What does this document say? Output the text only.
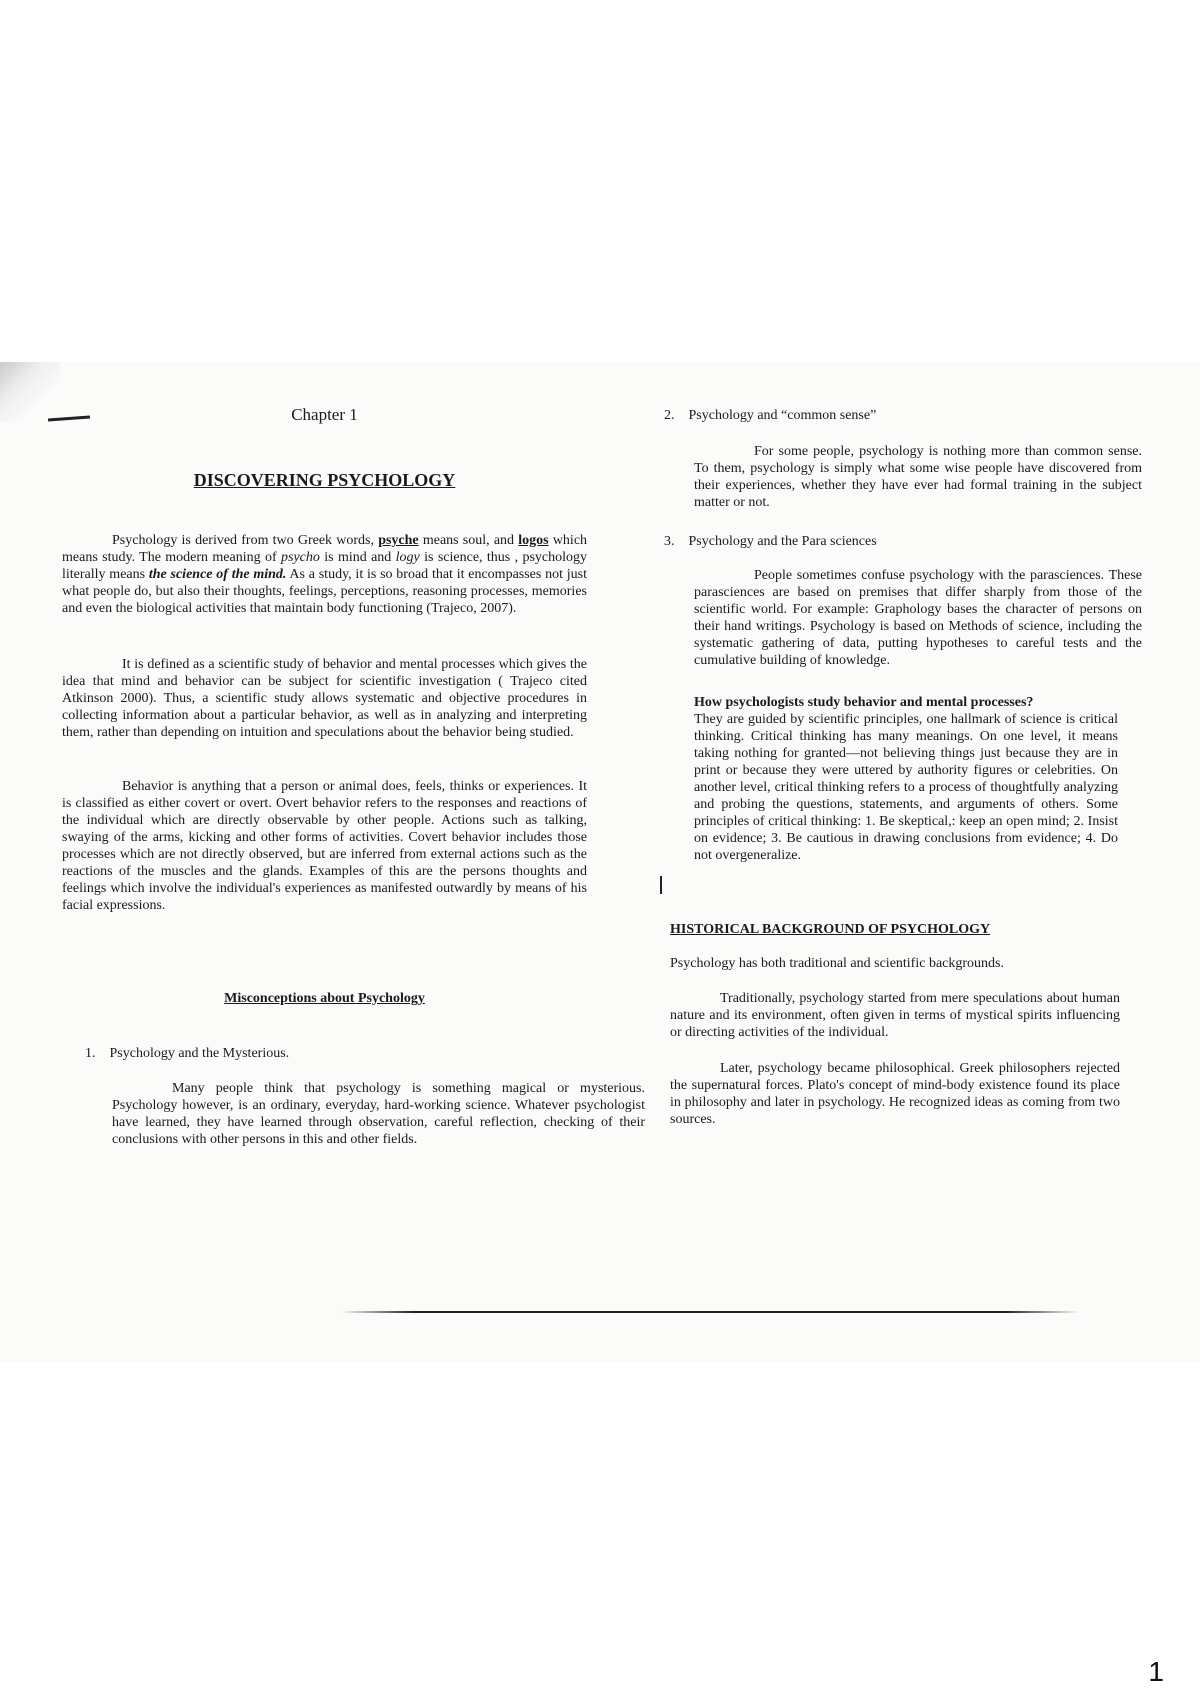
Chapter 1
DISCOVERING PSYCHOLOGY

Psychology is derived from two Greek words, psyche means soul, and logos which means study. The modern meaning of psycho is mind and logy is science, thus , psychology literally means the science of the mind. As a study, it is so broad that it encompasses not just what people do, but also their thoughts, feelings, perceptions, reasoning processes, memories and even the biological activities that maintain body functioning (Trajeco, 2007).

It is defined as a scientific study of behavior and mental processes which gives the idea that mind and behavior can be subject for scientific investigation ( Trajeco cited Atkinson 2000). Thus, a scientific study allows systematic and objective procedures in collecting information about a particular behavior, as well as in analyzing and interpreting them, rather than depending on intuition and speculations about the behavior being studied.

Behavior is anything that a person or animal does, feels, thinks or experiences. It is classified as either covert or overt. Overt behavior refers to the responses and reactions of the individual which are directly observable by other people. Actions such as talking, swaying of the arms, kicking and other forms of activities. Covert behavior includes those processes which are not directly observed, but are inferred from external actions such as the reactions of the muscles and the glands. Examples of this are the persons thoughts and feelings which involve the individual's experiences as manifested outwardly by means of his facial expressions.

Misconceptions about Psychology
1. Psychology and the Mysterious.

Many people think that psychology is something magical or mysterious. Psychology however, is an ordinary, everyday, hard-working science. Whatever psychologist have learned, they have learned through observation, careful reflection, checking of their conclusions with other persons in this and other fields.

2. Psychology and “common sense”

For some people, psychology is nothing more than common sense. To them, psychology is simply what some wise people have discovered from their experiences, whether they have ever had formal training in the subject matter or not.

3. Psychology and the Para sciences

People sometimes confuse psychology with the parasciences. These parasciences are based on premises that differ sharply from those of the scientific world. For example: Graphology bases the character of persons on their hand writings. Psychology is based on Methods of science, including the systematic gathering of data, putting hypotheses to careful tests and the cumulative building of knowledge.

How psychologists study behavior and mental processes?

They are guided by scientific principles, one hallmark of science is critical thinking. Critical thinking has many meanings. On one level, it means taking nothing for granted—not believing things just because they are in print or because they were uttered by authority figures or celebrities. On another level, critical thinking refers to a process of thoughtfully analyzing and probing the questions, statements, and arguments of others. Some principles of critical thinking: 1. Be skeptical,: keep an open mind; 2. Insist on evidence; 3. Be cautious in drawing conclusions from evidence; 4. Do not overgeneralize.

HISTORICAL BACKGROUND OF PSYCHOLOGY

Psychology has both traditional and scientific backgrounds.

Traditionally, psychology started from mere speculations about human nature and its environment, often given in terms of mystical spirits influencing or directing activities of the individual.

Later, psychology became philosophical. Greek philosophers rejected the supernatural forces. Plato's concept of mind-body existence found its place in philosophy and later in psychology. He recognized ideas as coming from two sources.

1
